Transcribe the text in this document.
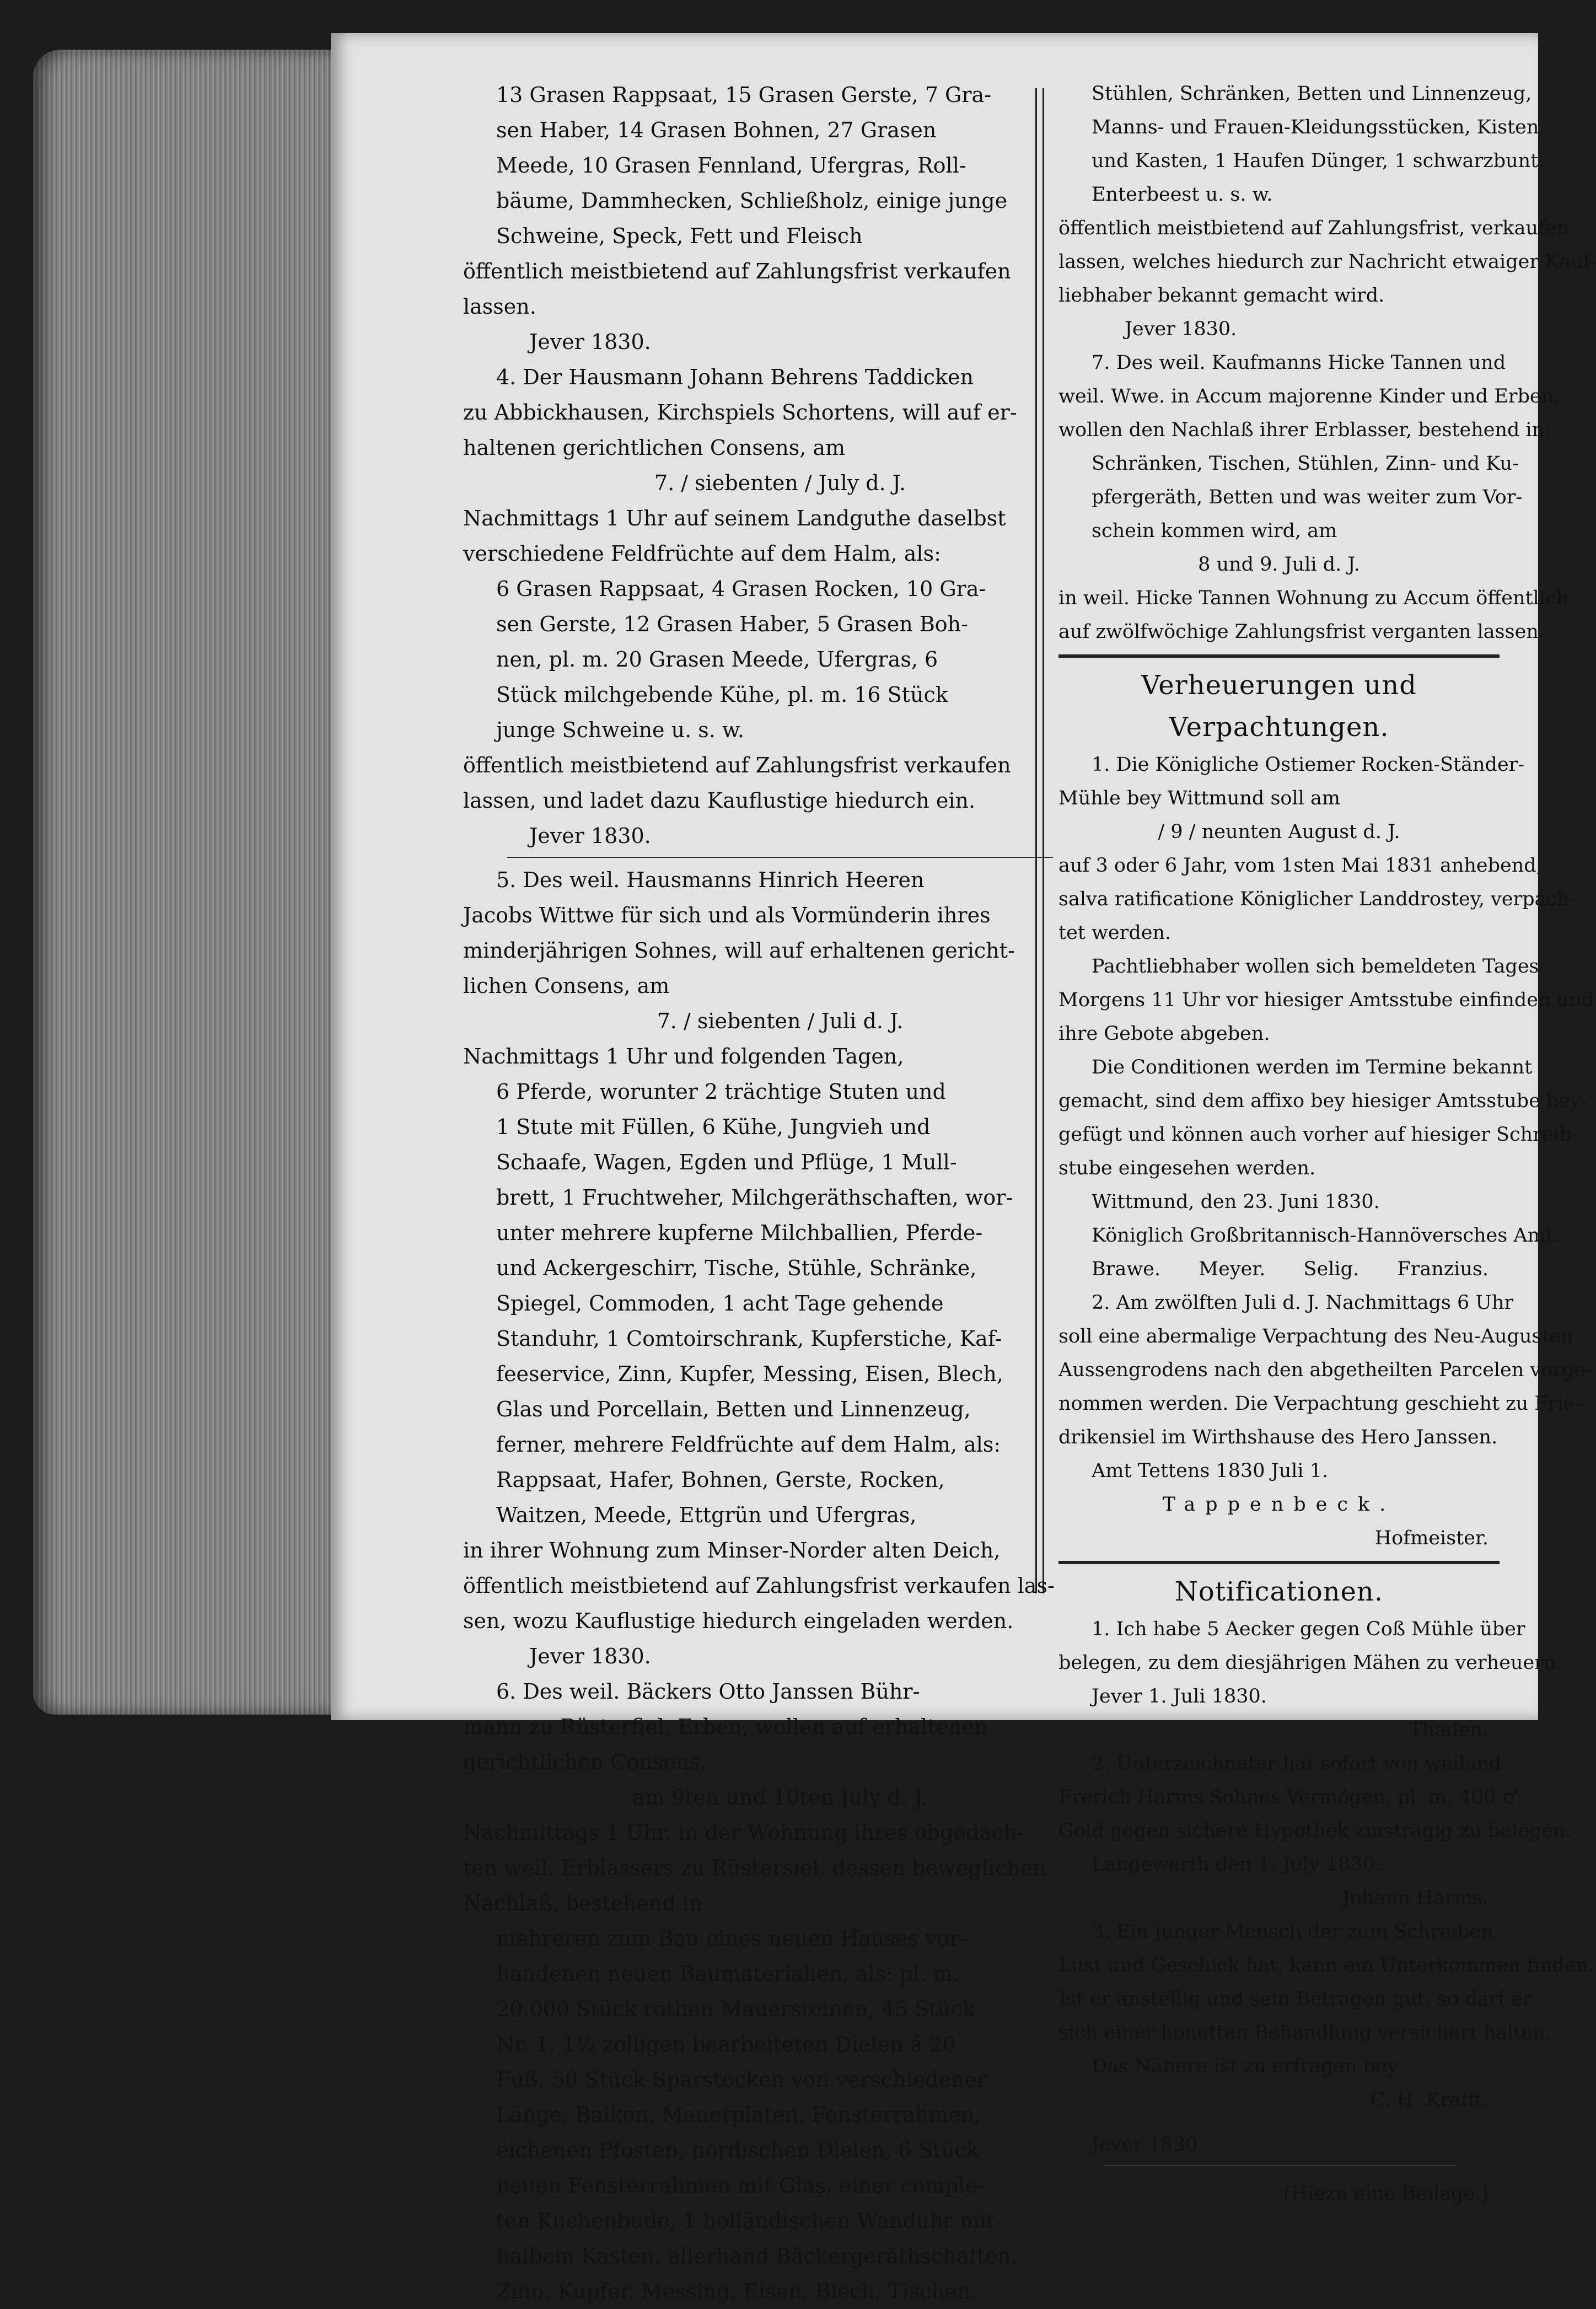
13 Grasen Rappsaat, 15 Grasen Gerste, 7 Gra-
sen Haber, 14 Grasen Bohnen, 27 Grasen
Meede, 10 Grasen Fennland, Ufergras, Roll-
bäume, Dammhecken, Schließholz, einige junge
Schweine, Speck, Fett und Fleisch
öffentlich meistbietend auf Zahlungsfrist verkaufen
lassen.
Jever 1830.
4. Der Hausmann Johann Behrens Taddicken
zu Abbickhausen, Kirchspiels Schortens, will auf er-
haltenen gerichtlichen Consens, am
7. / siebenten / July d. J.
Nachmittags 1 Uhr auf seinem Landguthe daselbst
verschiedene Feldfrüchte auf dem Halm, als:
6 Grasen Rappsaat, 4 Grasen Rocken, 10 Gra-
sen Gerste, 12 Grasen Haber, 5 Grasen Boh-
nen, pl. m. 20 Grasen Meede, Ufergras, 6
Stück milchgebende Kühe, pl. m. 16 Stück
junge Schweine u. s. w.
öffentlich meistbietend auf Zahlungsfrist verkaufen
lassen, und ladet dazu Kauflustige hiedurch ein.
Jever 1830.
5. Des weil. Hausmanns Hinrich Heeren
Jacobs Wittwe für sich und als Vormünderin ihres
minderjährigen Sohnes, will auf erhaltenen gericht-
lichen Consens, am
7. / siebenten / Juli d. J.
Nachmittags 1 Uhr und folgenden Tagen,
6 Pferde, worunter 2 trächtige Stuten und
1 Stute mit Füllen, 6 Kühe, Jungvieh und
Schaafe, Wagen, Egden und Pflüge, 1 Mull-
brett, 1 Fruchtweher, Milchgeräthschaften, wor-
unter mehrere kupferne Milchballien, Pferde-
und Ackergeschirr, Tische, Stühle, Schränke,
Spiegel, Commoden, 1 acht Tage gehende
Standuhr, 1 Comtoirschrank, Kupferstiche, Kaf-
feeservice, Zinn, Kupfer, Messing, Eisen, Blech,
Glas und Porcellain, Betten und Linnenzeug,
ferner, mehrere Feldfrüchte auf dem Halm, als:
Rappsaat, Hafer, Bohnen, Gerste, Rocken,
Waitzen, Meede, Ettgrün und Ufergras,
in ihrer Wohnung zum Minser-Norder alten Deich,
öffentlich meistbietend auf Zahlungsfrist verkaufen las-
sen, wozu Kauflustige hiedurch eingeladen werden.
Jever 1830.
6. Des weil. Bäckers Otto Janssen Bühr-
mann zu Rüsterfiel, Erben, wollen auf erhaltenen
gerichtlichen Consens,
am 9ten und 10ten July d. J.
Nachmittags 1 Uhr, in der Wohnung ihres obgedach-
ten weil. Erblassers zu Rüstersiel, dessen beweglichen
Nachlaß, bestehend in
mehreren zum Bau eines neuen Hauses vor-
handenen neuen Baumaterialien, als: pl. m.
20,000 Stück rothen Mauersteinen, 45 Stück
Nr. 1. 1½ zolligen bearbeiteten Dielen á 20
Fuß, 50 Stück Sparstöcken von verschiedener
Länge, Balken, Mauerplaten, Fensterrahmen,
eichenen Pfosten, nordischen Dielen, 6 Stück
neuen Fensterrahmen mit Glas, einer comple-
ten Kuchenbude, 1 holländischen Wanduhr mit
halbem Kasten, allerhand Bäckergeräthschaften,
Zinn, Kupfer, Messing, Eisen, Blech, Tischen,
Stühlen, Schränken, Betten und Linnenzeug,
Manns- und Frauen-Kleidungsstücken, Kisten
und Kasten, 1 Haufen Dünger, 1 schwarzbunt.
Enterbeest u. s. w.
öffentlich meistbietend auf Zahlungsfrist, verkaufen
lassen, welches hiedurch zur Nachricht etwaiger Kauf-
liebhaber bekannt gemacht wird.
Jever 1830.
7. Des weil. Kaufmanns Hicke Tannen und
weil. Wwe. in Accum majorenne Kinder und Erben,
wollen den Nachlaß ihrer Erblasser, bestehend in:
Schränken, Tischen, Stühlen, Zinn- und Ku-
pfergeräth, Betten und was weiter zum Vor-
schein kommen wird, am
8 und 9. Juli d. J.
in weil. Hicke Tannen Wohnung zu Accum öffentlich
auf zwölfwöchige Zahlungsfrist verganten lassen.
Verheuerungen und Verpachtungen.
1. Die Königliche Ostiemer Rocken-Ständer-
Mühle bey Wittmund soll am
/ 9 / neunten August d. J.
auf 3 oder 6 Jahr, vom 1sten Mai 1831 anhebend,
salva ratificatione Königlicher Landdrostey, verpach-
tet werden.
Pachtliebhaber wollen sich bemeldeten Tages
Morgens 11 Uhr vor hiesiger Amtsstube einfinden und
ihre Gebote abgeben.
Die Conditionen werden im Termine bekannt
gemacht, sind dem affixo bey hiesiger Amtsstube bey-
gefügt und können auch vorher auf hiesiger Schreib-
stube eingesehen werden.
Wittmund, den 23. Juni 1830.
Königlich Großbritannisch-Hannöversches Amt.
Brawe. Meyer. Selig. Franzius.
2. Am zwölften Juli d. J. Nachmittags 6 Uhr
soll eine abermalige Verpachtung des Neu-Augusten
Aussengrodens nach den abgetheilten Parcelen vorge-
nommen werden. Die Verpachtung geschieht zu Frie-
drikensiel im Wirthshause des Hero Janssen.
Amt Tettens 1830 Juli 1.
Tappenbeck.
Hofmeister.
Notificationen.
1. Ich habe 5 Aecker gegen Coß Mühle über
belegen, zu dem diesjährigen Mähen zu verheuern.
Jever 1. Juli 1830.
Thaden.
2. Unterzeichneter hat sofort von weiland
Frerich Harms Sohnes Vermögen, pl. m. 400 ♂
Gold gegen sichere Hypothek zinsträgig zu belegen.
Langewerth den 1. July 1830.
Johann Harms.
3. Ein junger Mensch der zum Schreiben
Lust und Geschick hat, kann ein Unterkommen finden.
Ist er anstellig und sein Betragen gut, so darf er
sich einer honetten Behandlung versichert halten.
Das Nähere ist zu erfragen bey
C. H. Krafft.
Jever 1830.
(Hiezu eine Beilage.)
